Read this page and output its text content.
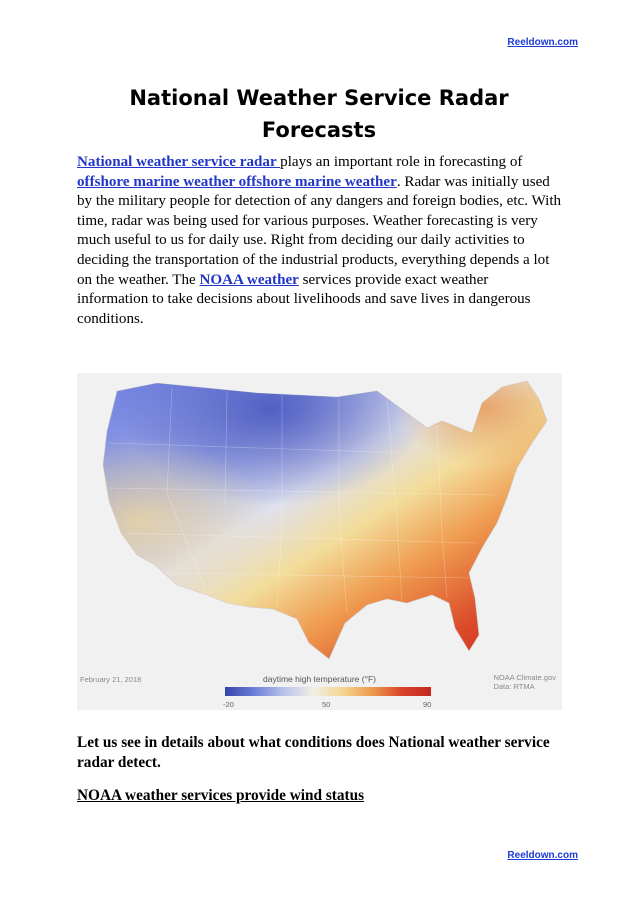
Reeldown.com
National Weather Service Radar
Forecasts
National weather service radar plays an important role in forecasting of offshore marine weather offshore marine weather. Radar was initially used by the military people for detection of any dangers and foreign bodies, etc. With time, radar was being used for various purposes. Weather forecasting is very much useful to us for daily use. Right from deciding our daily activities to deciding the transportation of the industrial products, everything depends a lot on the weather. The NOAA weather services provide exact weather information to take decisions about livelihoods and save lives in dangerous conditions.
February 21, 2018	daytime high temperature (°F)
-20	50	90
NOAA Climate.gov
Data: RTMA
Let us see in details about what conditions does National weather service radar detect.
NOAA weather services provide wind status
Reeldown.com
